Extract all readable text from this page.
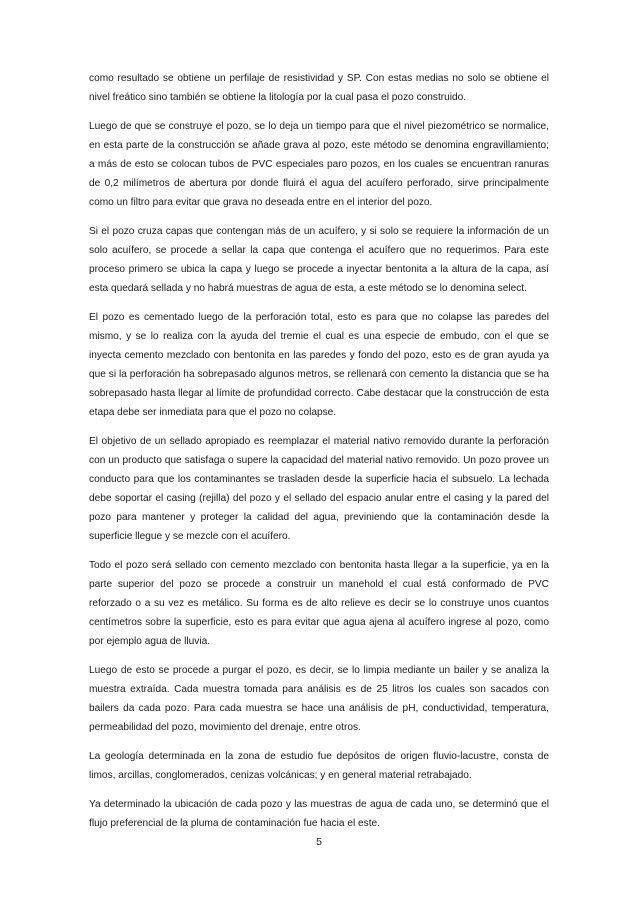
como resultado se obtiene un perfilaje de resistividad y SP. Con estas medias no solo se obtiene el nivel freático sino también se obtiene la litología por la cual pasa el pozo construido.

Luego de que se construye el pozo, se lo deja un tiempo para que el nivel piezométrico se normalice, en esta parte de la construcción se añade grava al pozo, este método se denomina engravillamiento; a más de esto se colocan tubos de PVC especiales paro pozos, en los cuales se encuentran ranuras de 0,2 milímetros de abertura por donde fluirá el agua del acuífero perforado, sirve principalmente como un filtro para evitar que grava no deseada entre en el interior del pozo.

Si el pozo cruza capas que contengan más de un acuífero, y si solo se requiere la información de un solo acuífero, se procede a sellar la capa que contenga el acuífero que no requerimos. Para este proceso primero se ubica la capa y luego se procede a inyectar bentonita a la altura de la capa, así esta quedará sellada y no habrá muestras de agua de esta, a este método se lo denomina select.

El pozo es cementado luego de la perforación total, esto es para que no colapse las paredes del mismo, y se lo realiza con la ayuda del tremie el cual es una especie de embudo, con el que se inyecta cemento mezclado con bentonita en las paredes y fondo del pozo, esto es de gran ayuda ya que si la perforación ha sobrepasado algunos metros, se rellenará con cemento la distancia que se ha sobrepasado hasta llegar al límite de profundidad correcto. Cabe destacar que la construcción de esta etapa debe ser inmediata para que el pozo no colapse.

El objetivo de un sellado apropiado es reemplazar el material nativo removido durante la perforación con un producto que satisfaga o supere la capacidad del material nativo removido. Un pozo provee un conducto para que los contaminantes se trasladen desde la superficie hacia el subsuelo. La lechada debe soportar el casing (rejilla) del pozo y el sellado del espacio anular entre el casing y la pared del pozo para mantener y proteger la calidad del agua, previniendo que la contaminación desde la superficie llegue y se mezcle con el acuífero.

Todo el pozo será sellado con cemento mezclado con bentonita hasta llegar a la superficie, ya en la parte superior del pozo se procede a construir un manehold el cual está conformado de PVC reforzado o a su vez es metálico. Su forma es de alto relieve es decir se lo construye unos cuantos centímetros sobre la superficie, esto es para evitar que agua ajena al acuífero ingrese al pozo, como por ejemplo agua de lluvia.

Luego de esto se procede a purgar el pozo, es decir, se lo limpia mediante un bailer y se analiza la muestra extraída. Cada muestra tomada para análisis es de 25 litros los cuales son sacados con bailers da cada pozo. Para cada muestra se hace una análisis de pH, conductividad, temperatura, permeabilidad del pozo, movimiento del drenaje, entre otros.

La geología determinada en la zona de estudio fue depósitos de origen fluvio-lacustre, consta de limos, arcillas, conglomerados, cenizas volcánicas; y en general material retrabajado.

Ya determinado la ubicación de cada pozo y las muestras de agua de cada uno, se determinó que el flujo preferencial de la pluma de contaminación fue hacia el este.

5
